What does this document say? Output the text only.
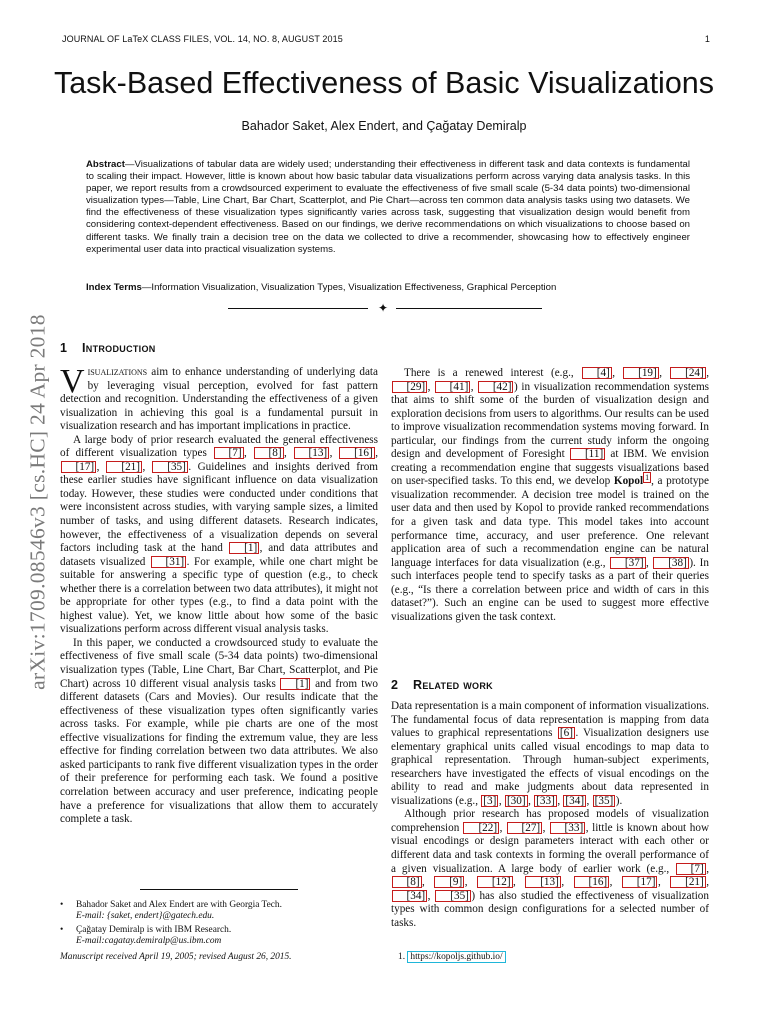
JOURNAL OF LaTeX CLASS FILES, VOL. 14, NO. 8, AUGUST 2015	1
Task-Based Effectiveness of Basic Visualizations
Bahador Saket, Alex Endert, and Çağatay Demiralp
Abstract—Visualizations of tabular data are widely used; understanding their effectiveness in different task and data contexts is fundamental to scaling their impact. However, little is known about how basic tabular data visualizations perform across varying data analysis tasks. In this paper, we report results from a crowdsourced experiment to evaluate the effectiveness of five small scale (5-34 data points) two-dimensional visualization types—Table, Line Chart, Bar Chart, Scatterplot, and Pie Chart—across ten common data analysis tasks using two datasets. We find the effectiveness of these visualization types significantly varies across task, suggesting that visualization design would benefit from considering context-dependent effectiveness. Based on our findings, we derive recommendations on which visualizations to choose based on different tasks. We finally train a decision tree on the data we collected to drive a recommender, showcasing how to effectively engineer experimental user data into practical visualization systems.
Index Terms—Information Visualization, Visualization Types, Visualization Effectiveness, Graphical Perception
✦
arXiv:1709.08546v3 [cs.HC] 24 Apr 2018 1 Introduction

Visualizations aim to enhance understanding of underlying data by leveraging visual perception, evolved for fast pattern detection and recognition. Understanding the effectiveness of a given visualization in achieving this goal is a fundamental pursuit in visualization research and has important implications in practice.

A large body of prior research evaluated the general effectiveness of different visualization types [7] , [8] , [13] , [16] , [17] , [21] , [35] . Guidelines and insights derived from these earlier studies have significant influence on data visualization today. However, these studies were conducted under conditions that were inconsistent across studies, with varying sample sizes, a limited number of tasks, and using different datasets. Research indicates, however, the effectiveness of a visualization depends on several factors including task at the hand [1] , and data attributes and datasets visualized [31] . For example, while one chart might be suitable for answering a specific type of question (e.g., to check whether there is a correlation between two data attributes), it might not be appropriate for other types (e.g., to find a data point with the highest value). Yet, we know little about how some of the basic visualizations perform across different visual analysis tasks.

In this paper, we conducted a crowdsourced study to evaluate the effectiveness of five small scale (5-34 data points) two-dimensional visualization types (Table, Line Chart, Bar Chart, Scatterplot, and Pie Chart) across 10 different visual analysis tasks [1] and from two different datasets (Cars and Movies). Our results indicate that the effectiveness of these visualization types often significantly varies across tasks. For example, while pie charts are one of the most effective visualizations for finding the extremum value, they are less effective for finding correlation between two data attributes. We also asked participants to rank five different visualization types in the order of their preference for performing each task. We found a positive correlation between accuracy and user preference, indicating people have a preference for visualizations that allow them to accurately complete a task.

There is a renewed interest (e.g., [4] , [19] , [24] , [29] , [41] , [42] ) in visualization recommendation systems that aims to shift some of the burden of visualization design and exploration decisions from users to algorithms. Our results can be used to improve visualization recommendation systems moving forward. In particular, our findings from the current study inform the ongoing design and development of Foresight [11] at IBM. We envision creating a recommendation engine that suggests visualizations based on user-specified tasks. To this end, we develop Kopol $^1$ , a prototype visualization recommender. A decision tree model is trained on the user data and then used by Kopol to provide ranked recommendations for a given task and data type. This model takes into account performance time, accuracy, and user preference. One relevant application area of such a recommendation engine can be natural language interfaces for data visualization (e.g., [37] , [38] ). In such interfaces people tend to specify tasks as a part of their queries (e.g., “Is there a correlation between price and width of cars in this dataset?”). Such an engine can be used to suggest more effective visualizations given the task context.

2 Related work

Data representation is a main component of information visualizations. The fundamental focus of data representation is mapping from data values to graphical representations [6] . Visualization designers use elementary graphical units called visual encodings to map data to graphical representation. Through human-subject experiments, researchers have investigated the effects of visual encodings on the ability to read and make judgments about data represented in visualizations (e.g., [3] , [30] , [33] , [34] , [35] ).

Although prior research has proposed models of visualization comprehension [22] , [27] , [33] , little is known about how visual encodings or design parameters interact with each other or different data and task contexts in forming the overall performance of a given visualization. A large body of earlier work (e.g., [7] , [8] , [9] , [12] , [13] , [16] , [17] , [21] , [34] , [35] ) has also studied the effectiveness of visualization types with common design configurations for a selected number of tasks.

• Bahador Saket and Alex Endert are with Georgia Tech.
E-mail: {saket, endert}@gatech.edu.
• Çağatay Demiralp is with IBM Research.
E-mail:cagatay.demiralp@us.ibm.com
Manuscript received April 19, 2005; revised August 26, 2015.	1. https://kopoljs.github.io/
